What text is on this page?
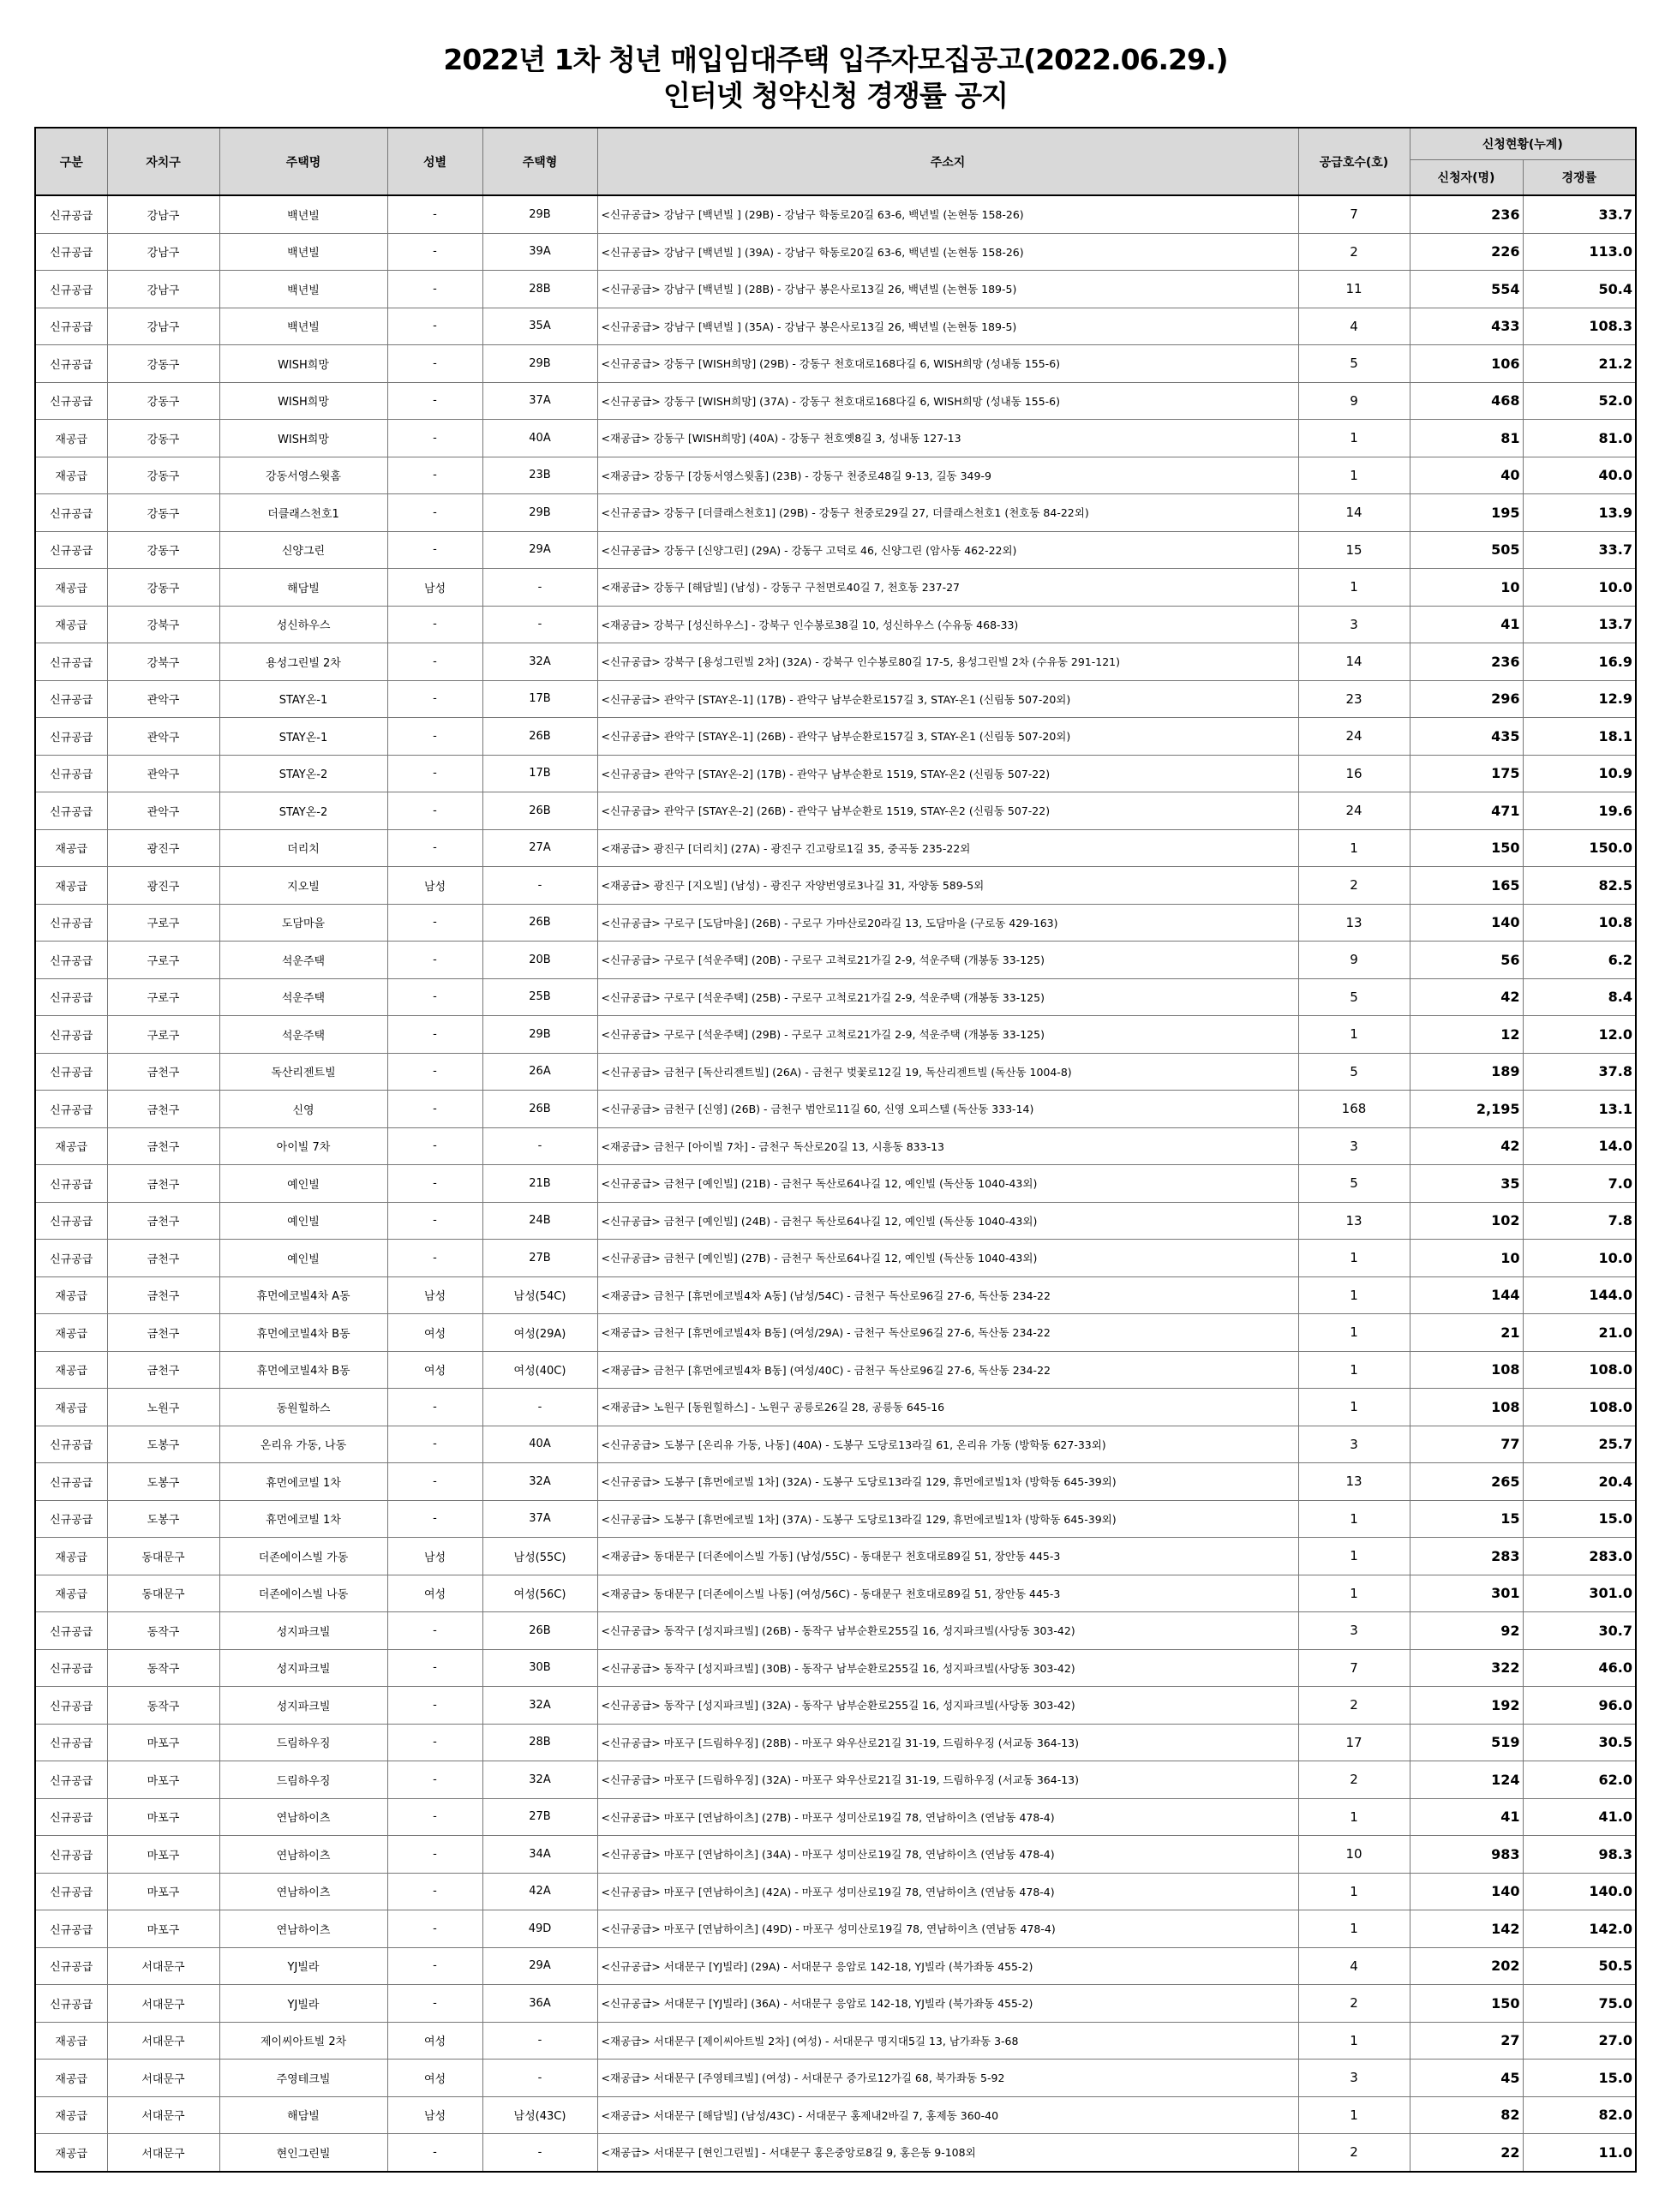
2022년 1차 청년 매입임대주택 입주자모집공고(2022.06.29.)
인터넷 청약신청 경쟁률 공지
구분	자치구	주택명	성별	주택형	주소지	공급호수(호)	신청현황(누계)	
							신청자(명)	경쟁률
신규공급	강남구	백년빌	-	29B	<신규공급> 강남구 [백년빌 ] (29B) - 강남구 학동로20길 63-6, 백년빌 (논현동 158-26)	7	236	33.7
신규공급	강남구	백년빌	-	39A	<신규공급> 강남구 [백년빌 ] (39A) - 강남구 학동로20길 63-6, 백년빌 (논현동 158-26)	2	226	113.0
신규공급	강남구	백년빌	-	28B	<신규공급> 강남구 [백년빌 ] (28B) - 강남구 봉은사로13길 26, 백년빌 (논현동 189-5)	11	554	50.4
신규공급	강남구	백년빌	-	35A	<신규공급> 강남구 [백년빌 ] (35A) - 강남구 봉은사로13길 26, 백년빌 (논현동 189-5)	4	433	108.3
신규공급	강동구	WISH희망	-	29B	<신규공급> 강동구 [WISH희망] (29B) - 강동구 천호대로168다길 6, WISH희망 (성내동 155-6)	5	106	21.2
신규공급	강동구	WISH희망	-	37A	<신규공급> 강동구 [WISH희망] (37A) - 강동구 천호대로168다길 6, WISH희망 (성내동 155-6)	9	468	52.0
재공급	강동구	WISH희망	-	40A	<재공급> 강동구 [WISH희망] (40A) - 강동구 천호옛8길 3, 성내동 127-13	1	81	81.0
재공급	강동구	강동서영스윗홈	-	23B	<재공급> 강동구 [강동서영스윗홈] (23B) - 강동구 천중로48길 9-13, 길동 349-9	1	40	40.0
신규공급	강동구	더클래스천호1	-	29B	<신규공급> 강동구 [더클래스천호1] (29B) - 강동구 천중로29길 27, 더클래스천호1 (천호동 84-22외)	14	195	13.9
신규공급	강동구	신양그린	-	29A	<신규공급> 강동구 [신양그린] (29A) - 강동구 고덕로 46, 신양그린 (암사동 462-22외)	15	505	33.7
재공급	강동구	해담빌	남성	-	<재공급> 강동구 [해담빌] (남성) - 강동구 구천면로40길 7, 천호동 237-27	1	10	10.0
재공급	강북구	성신하우스	-	-	<재공급> 강북구 [성신하우스] - 강북구 인수봉로38길 10, 성신하우스 (수유동 468-33)	3	41	13.7
신규공급	강북구	용성그린빌 2차	-	32A	<신규공급> 강북구 [용성그린빌 2차] (32A) - 강북구 인수봉로80길 17-5, 용성그린빌 2차 (수유동 291-121)	14	236	16.9
신규공급	관악구	STAY온-1	-	17B	<신규공급> 관악구 [STAY온-1] (17B) - 관악구 남부순환로157길 3, STAY-온1 (신림동 507-20외)	23	296	12.9
신규공급	관악구	STAY온-1	-	26B	<신규공급> 관악구 [STAY온-1] (26B) - 관악구 남부순환로157길 3, STAY-온1 (신림동 507-20외)	24	435	18.1
신규공급	관악구	STAY온-2	-	17B	<신규공급> 관악구 [STAY온-2] (17B) - 관악구 남부순환로 1519, STAY-온2 (신림동 507-22)	16	175	10.9
신규공급	관악구	STAY온-2	-	26B	<신규공급> 관악구 [STAY온-2] (26B) - 관악구 남부순환로 1519, STAY-온2 (신림동 507-22)	24	471	19.6
재공급	광진구	더리치	-	27A	<재공급> 광진구 [더리치] (27A) - 광진구 긴고랑로1길 35, 중곡동 235-22외	1	150	150.0
재공급	광진구	지오빌	남성	-	<재공급> 광진구 [지오빌] (남성) - 광진구 자양번영로3나길 31, 자양동 589-5외	2	165	82.5
신규공급	구로구	도담마을	-	26B	<신규공급> 구로구 [도담마을] (26B) - 구로구 가마산로20라길 13, 도담마을 (구로동 429-163)	13	140	10.8
신규공급	구로구	석운주택	-	20B	<신규공급> 구로구 [석운주택] (20B) - 구로구 고척로21가길 2-9, 석운주택 (개봉동 33-125)	9	56	6.2
신규공급	구로구	석운주택	-	25B	<신규공급> 구로구 [석운주택] (25B) - 구로구 고척로21가길 2-9, 석운주택 (개봉동 33-125)	5	42	8.4
신규공급	구로구	석운주택	-	29B	<신규공급> 구로구 [석운주택] (29B) - 구로구 고척로21가길 2-9, 석운주택 (개봉동 33-125)	1	12	12.0
신규공급	금천구	독산리젠트빌	-	26A	<신규공급> 금천구 [독산리젠트빌] (26A) - 금천구 벚꽃로12길 19, 독산리젠트빌 (독산동 1004-8)	5	189	37.8
신규공급	금천구	신영	-	26B	<신규공급> 금천구 [신영] (26B) - 금천구 범안로11길 60, 신영 오피스텔 (독산동 333-14)	168	2,195	13.1
재공급	금천구	아이빌 7차	-	-	<재공급> 금천구 [아이빌 7차] - 금천구 독산로20길 13, 시흥동 833-13	3	42	14.0
신규공급	금천구	예인빌	-	21B	<신규공급> 금천구 [예인빌] (21B) - 금천구 독산로64나길 12, 예인빌 (독산동 1040-43외)	5	35	7.0
신규공급	금천구	예인빌	-	24B	<신규공급> 금천구 [예인빌] (24B) - 금천구 독산로64나길 12, 예인빌 (독산동 1040-43외)	13	102	7.8
신규공급	금천구	예인빌	-	27B	<신규공급> 금천구 [예인빌] (27B) - 금천구 독산로64나길 12, 예인빌 (독산동 1040-43외)	1	10	10.0
재공급	금천구	휴먼에코빌4차 A동	남성	남성(54C)	<재공급> 금천구 [휴먼에코빌4차 A동] (남성/54C) - 금천구 독산로96길 27-6, 독산동 234-22	1	144	144.0
재공급	금천구	휴먼에코빌4차 B동	여성	여성(29A)	<재공급> 금천구 [휴먼에코빌4차 B동] (여성/29A) - 금천구 독산로96길 27-6, 독산동 234-22	1	21	21.0
재공급	금천구	휴먼에코빌4차 B동	여성	여성(40C)	<재공급> 금천구 [휴먼에코빌4차 B동] (여성/40C) - 금천구 독산로96길 27-6, 독산동 234-22	1	108	108.0
재공급	노원구	동원힐하스	-	-	<재공급> 노원구 [동원힐하스] - 노원구 공릉로26길 28, 공릉동 645-16	1	108	108.0
신규공급	도봉구	온리유 가동, 나동	-	40A	<신규공급> 도봉구 [온리유 가동, 나동] (40A) - 도봉구 도당로13라길 61, 온리유 가동 (방학동 627-33외)	3	77	25.7
신규공급	도봉구	휴먼에코빌 1차	-	32A	<신규공급> 도봉구 [휴먼에코빌 1차] (32A) - 도봉구 도당로13라길 129, 휴먼에코빌1차 (방학동 645-39외)	13	265	20.4
신규공급	도봉구	휴먼에코빌 1차	-	37A	<신규공급> 도봉구 [휴먼에코빌 1차] (37A) - 도봉구 도당로13라길 129, 휴먼에코빌1차 (방학동 645-39외)	1	15	15.0
재공급	동대문구	더존에이스빌 가동	남성	남성(55C)	<재공급> 동대문구 [더존에이스빌 가동] (남성/55C) - 동대문구 천호대로89길 51, 장안동 445-3	1	283	283.0
재공급	동대문구	더존에이스빌 나동	여성	여성(56C)	<재공급> 동대문구 [더존에이스빌 나동] (여성/56C) - 동대문구 천호대로89길 51, 장안동 445-3	1	301	301.0
신규공급	동작구	성지파크빌	-	26B	<신규공급> 동작구 [성지파크빌] (26B) - 동작구 남부순환로255길 16, 성지파크빌(사당동 303-42)	3	92	30.7
신규공급	동작구	성지파크빌	-	30B	<신규공급> 동작구 [성지파크빌] (30B) - 동작구 남부순환로255길 16, 성지파크빌(사당동 303-42)	7	322	46.0
신규공급	동작구	성지파크빌	-	32A	<신규공급> 동작구 [성지파크빌] (32A) - 동작구 남부순환로255길 16, 성지파크빌(사당동 303-42)	2	192	96.0
신규공급	마포구	드림하우징	-	28B	<신규공급> 마포구 [드림하우징] (28B) - 마포구 와우산로21길 31-19, 드림하우징 (서교동 364-13)	17	519	30.5
신규공급	마포구	드림하우징	-	32A	<신규공급> 마포구 [드림하우징] (32A) - 마포구 와우산로21길 31-19, 드림하우징 (서교동 364-13)	2	124	62.0
신규공급	마포구	연남하이츠	-	27B	<신규공급> 마포구 [연남하이츠] (27B) - 마포구 성미산로19길 78, 연남하이츠 (연남동 478-4)	1	41	41.0
신규공급	마포구	연남하이츠	-	34A	<신규공급> 마포구 [연남하이츠] (34A) - 마포구 성미산로19길 78, 연남하이츠 (연남동 478-4)	10	983	98.3
신규공급	마포구	연남하이츠	-	42A	<신규공급> 마포구 [연남하이츠] (42A) - 마포구 성미산로19길 78, 연남하이츠 (연남동 478-4)	1	140	140.0
신규공급	마포구	연남하이츠	-	49D	<신규공급> 마포구 [연남하이츠] (49D) - 마포구 성미산로19길 78, 연남하이츠 (연남동 478-4)	1	142	142.0
신규공급	서대문구	YJ빌라	-	29A	<신규공급> 서대문구 [YJ빌라] (29A) - 서대문구 응암로 142-18, YJ빌라 (북가좌동 455-2)	4	202	50.5
신규공급	서대문구	YJ빌라	-	36A	<신규공급> 서대문구 [YJ빌라] (36A) - 서대문구 응암로 142-18, YJ빌라 (북가좌동 455-2)	2	150	75.0
재공급	서대문구	제이씨아트빌 2차	여성	-	<재공급> 서대문구 [제이씨아트빌 2차] (여성) - 서대문구 명지대5길 13, 남가좌동 3-68	1	27	27.0
재공급	서대문구	주영테크빌	여성	-	<재공급> 서대문구 [주영테크빌] (여성) - 서대문구 증가로12가길 68, 북가좌동 5-92	3	45	15.0
재공급	서대문구	해담빌	남성	남성(43C)	<재공급> 서대문구 [해담빌] (남성/43C) - 서대문구 홍제내2바길 7, 홍제동 360-40	1	82	82.0
재공급	서대문구	현인그린빌	-	-	<재공급> 서대문구 [현인그린빌] - 서대문구 홍은중앙로8길 9, 홍은동 9-108외	2	22	11.0
